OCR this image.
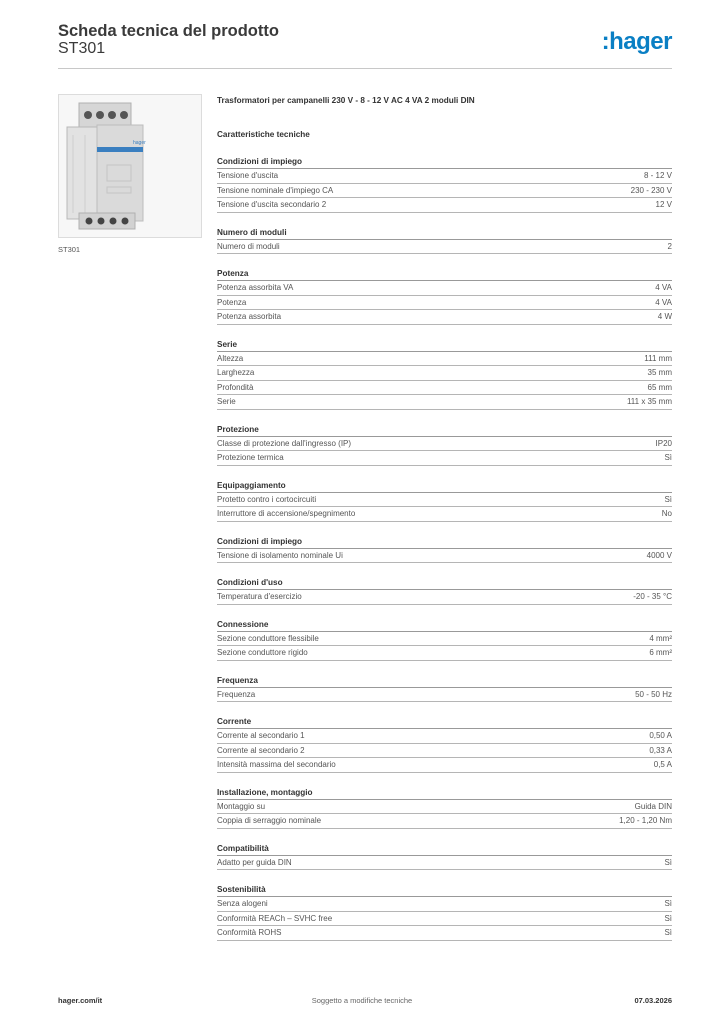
Scheda tecnica del prodotto
ST301	:hager
hager
ST301
Trasformatori per campanelli 230 V - 8 - 12 V AC 4 VA 2 moduli DIN
Caratteristiche tecniche
Condizioni di impiego
Tensione d'uscita	8 - 12 V
Tensione nominale d'impiego CA	230 - 230 V
Tensione d'uscita secondario 2	12 V
Numero di moduli
Numero di moduli	2
Potenza
Potenza assorbita VA	4 VA
Potenza	4 VA
Potenza assorbita	4 W
Serie
Altezza	111 mm
Larghezza	35 mm
Profondità	65 mm
Serie	111 x 35 mm
Protezione
Classe di protezione dall'ingresso (IP)	IP20
Protezione termica	Sì
Equipaggiamento
Protetto contro i cortocircuiti	Sì
Interruttore di accensione/spegnimento	No
Condizioni di impiego
Tensione di isolamento nominale Ui	4000 V
Condizioni d'uso
Temperatura d'esercizio	-20 - 35 °C
Connessione
Sezione conduttore flessibile	4 mm²
Sezione conduttore rigido	6 mm²
Frequenza
Frequenza	50 - 50 Hz
Corrente
Corrente al secondario 1	0,50 A
Corrente al secondario 2	0,33 A
Intensità massima del secondario	0,5 A
Installazione, montaggio
Montaggio su	Guida DIN
Coppia di serraggio nominale	1,20 - 1,20 Nm
Compatibilità
Adatto per guida DIN	Sì
Sostenibilità
Senza alogeni	Sì
Conformità REACh – SVHC free	Sì
Conformità ROHS	Sì
hager.com/it	Soggetto a modifiche tecniche	07.03.2026
